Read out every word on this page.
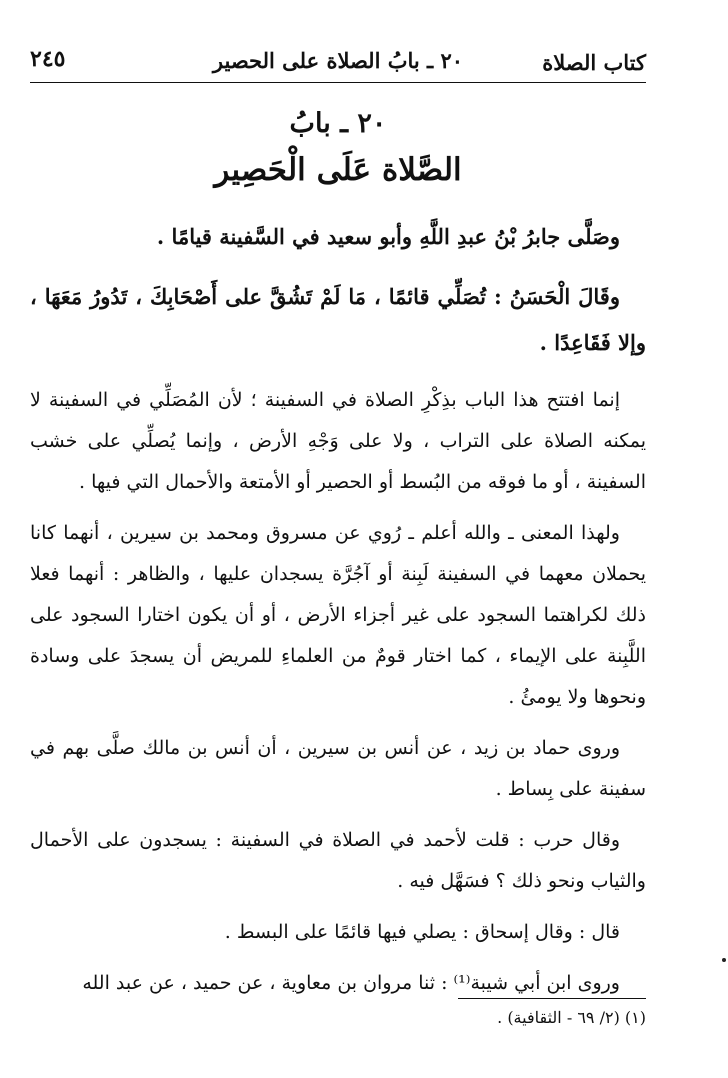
كتاب الصلاة
٢٠ ـ بابُ الصلاة على الحصير
٢٤٥
٢٠ ـ بابُ
الصَّلاة عَلَى الْحَصِير

وصَلَّى جابرُ بْنُ عبدِ اللَّهِ وأبو سعيد في السَّفينة قيامًا .

وقَالَ الْحَسَنُ : تُصَلِّي قائمًا ، مَا لَمْ تَشُقَّ على أَصْحَابِكَ ، تَدُورُ مَعَهَا ، وإلا فَقَاعِدًا .

إنما افتتح هذا الباب بذِكْرِ الصلاة في السفينة ؛ لأن المُصَلِّي في السفينة لا يمكنه الصلاة على التراب ، ولا على وَجْهِ الأرض ، وإنما يُصلِّي على خشب السفينة ، أو ما فوقه من البُسط أو الحصير أو الأمتعة والأحمال التي فيها .

ولهذا المعنى ـ والله أعلم ـ رُوي عن مسروق ومحمد بن سيرين ، أنهما كانا يحملان معهما في السفينة لَبِنة أو آجُرَّة يسجدان عليها ، والظاهر : أنهما فعلا ذلك لكراهتما السجود على غير أجزاء الأرض ، أو أن يكون اختارا السجود على اللَّبِنة على الإيماء ، كما اختار قومٌ من العلماءِ للمريض أن يسجدَ على وسادة ونحوها ولا يومئُ .

وروى حماد بن زيد ، عن أنس بن سيرين ، أن أنس بن مالك صلَّى بهم في سفينة على بِساط .

وقال حرب : قلت لأحمد في الصلاة في السفينة : يسجدون على الأحمال والثياب ونحو ذلك ؟ فسَهَّل فيه .

قال : وقال إسحاق : يصلي فيها قائمًا على البسط .

وروى ابن أبي شيبة⁽¹⁾ : ثنا مروان بن معاوية ، عن حميد ، عن عبد الله

(١) (٢/ ٦٩ - الثقافية) .
